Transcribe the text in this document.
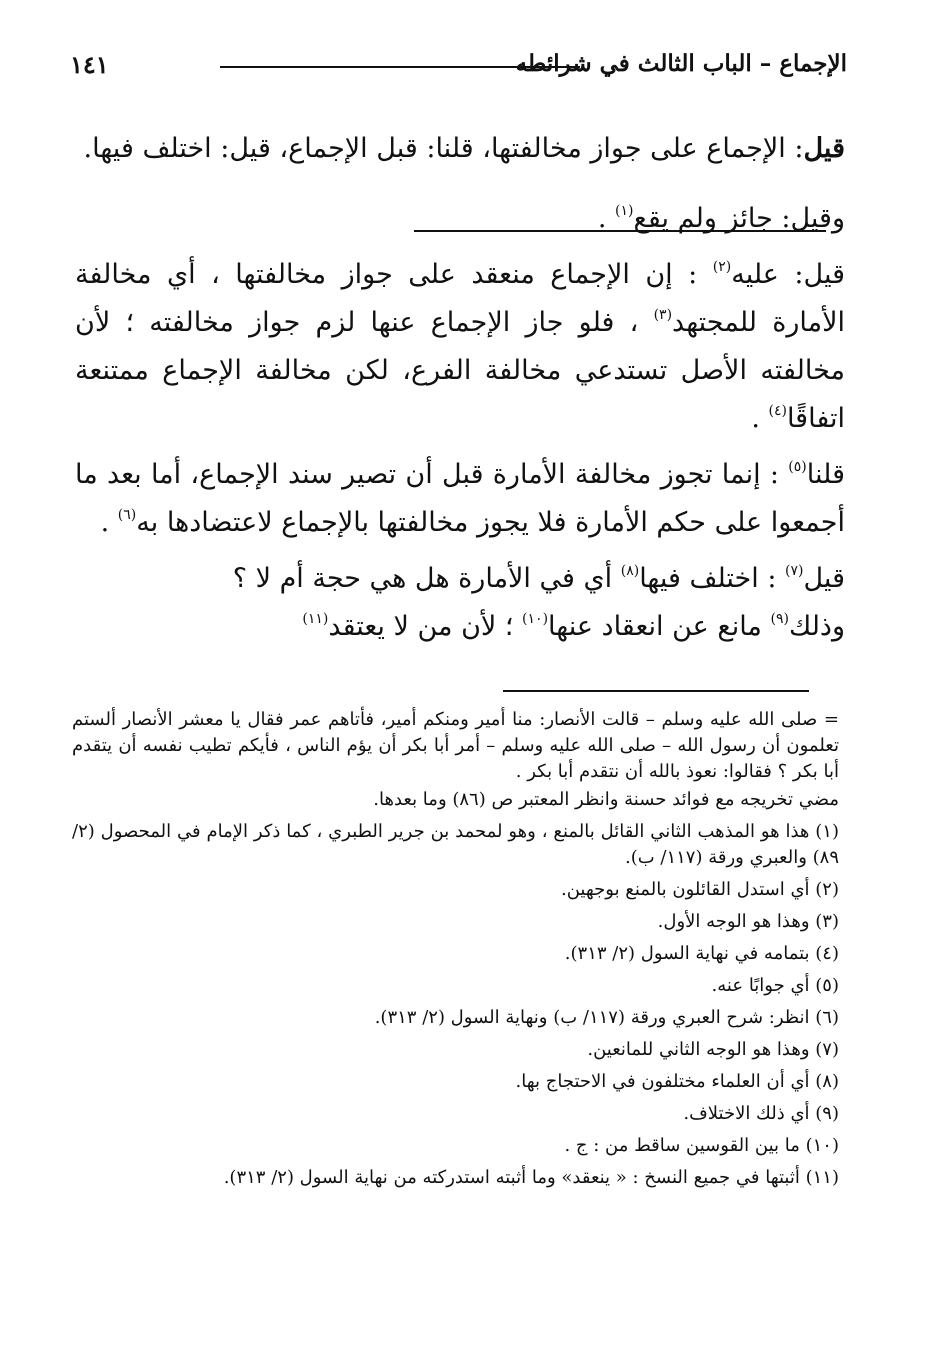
الإجماع – الباب الثالث في شرائطه
١٤١

قيل: الإجماع على جواز مخالفتها، قلنا: قبل الإجماع، قيل: اختلف فيها.

وقيل: جائز ولم يقع$^{(١)}$ .

قيل: عليه$^{(٢)}$ : إن الإجماع منعقد على جواز مخالفتها ، أي مخالفة الأمارة للمجتهد$^{(٣)}$ ، فلو جاز الإجماع عنها لزم جواز مخالفته ؛ لأن مخالفته الأصل تستدعي مخالفة الفرع، لكن مخالفة الإجماع ممتنعة اتفاقًا$^{(٤)}$ .

قلنا$^{(٥)}$ : إنما تجوز مخالفة الأمارة قبل أن تصير سند الإجماع، أما بعد ما أجمعوا على حكم الأمارة فلا يجوز مخالفتها بالإجماع لاعتضادها به$^{(٦)}$ .

قيل$^{(٧)}$ : اختلف فيها$^{(٨)}$ أي في الأمارة هل هي حجة أم لا ؟

وذلك$^{(٩)}$ مانع عن انعقاد عنها$^{(١٠)}$ ؛ لأن من لا يعتقد$^{(١١)}$

= صلى الله عليه وسلم – قالت الأنصار: منا أمير ومنكم أمير، فأتاهم عمر فقال يا معشر الأنصار ألستم تعلمون أن رسول الله – صلى الله عليه وسلم – أمر أبا بكر أن يؤم الناس ، فأيكم تطيب نفسه أن يتقدم أبا بكر ؟ فقالوا: نعوذ بالله أن نتقدم أبا بكر .

مضي تخريجه مع فوائد حسنة وانظر المعتبر ص (٨٦) وما بعدها.

(١) هذا هو المذهب الثاني القائل بالمنع ، وهو لمحمد بن جرير الطبري ، كما ذكر الإمام في المحصول (٢/ ٨٩) والعبري ورقة (١١٧/ ب).

(٢) أي استدل القائلون بالمنع بوجهين.

(٣) وهذا هو الوجه الأول.

(٤) بتمامه في نهاية السول (٢/ ٣١٣).

(٥) أي جوابًا عنه.

(٦) انظر: شرح العبري ورقة (١١٧/ ب) ونهاية السول (٢/ ٣١٣).

(٧) وهذا هو الوجه الثاني للمانعين.

(٨) أي أن العلماء مختلفون في الاحتجاج بها.

(٩) أي ذلك الاختلاف.

(١٠) ما بين القوسين ساقط من : ج .

(١١) أثبتها في جميع النسخ : « ينعقد» وما أثبته استدركته من نهاية السول (٢/ ٣١٣).
